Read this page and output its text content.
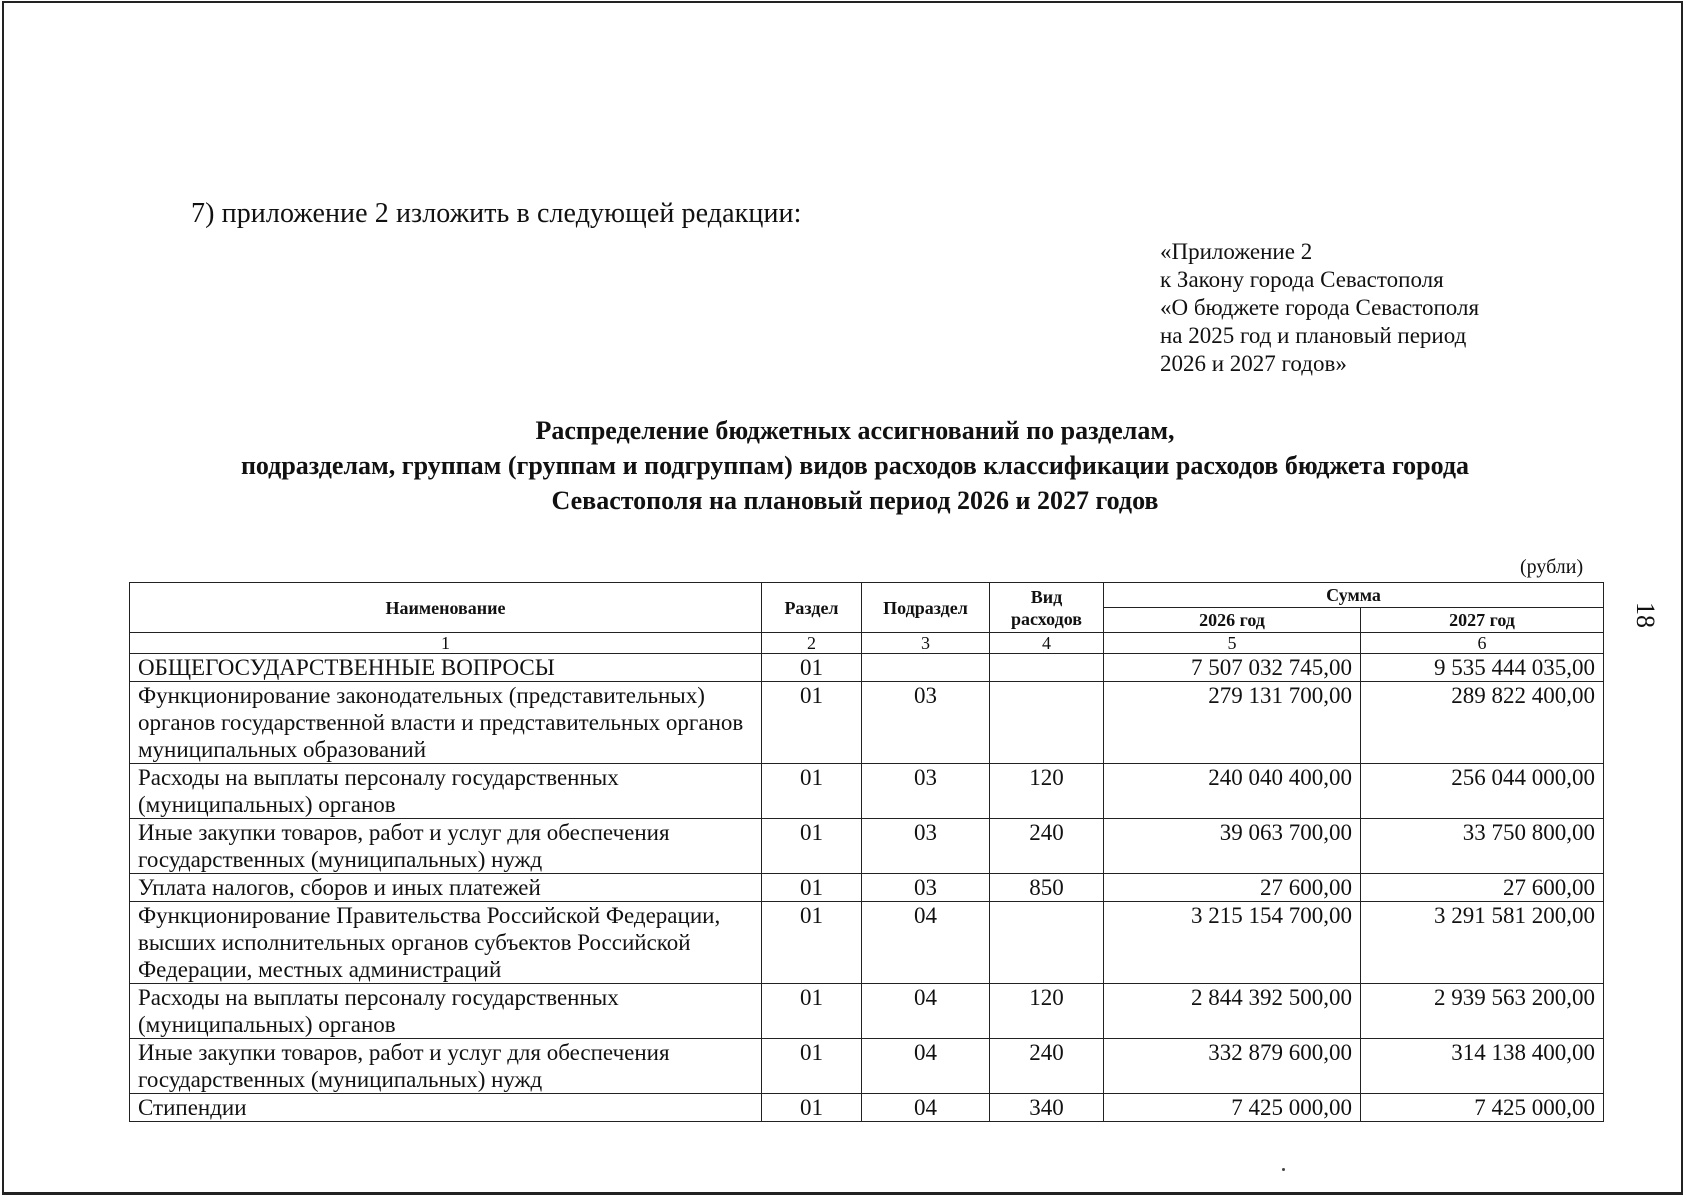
7) приложение 2 изложить в следующей редакции:
«Приложение 2
к Закону города Севастополя
«О бюджете города Севастополя
на 2025 год и плановый период
2026 и 2027 годов»
Распределение бюджетных ассигнований по разделам,
подразделам, группам (группам и подгруппам) видов расходов классификации расходов бюджета города
Севастополя на плановый период 2026 и 2027 годов
(рубли)
18
Наименование	Раздел	Подраздел	Вид расходов	Сумма	
				2026 год	2027 год
1	2	3	4	5	6
ОБЩЕГОСУДАРСТВЕННЫЕ ВОПРОСЫ	01			7 507 032 745,00	9 535 444 035,00
Функционирование законодательных (представительных) органов государственной власти и представительных органов муниципальных образований	01	03		279 131 700,00	289 822 400,00
Расходы на выплаты персоналу государственных (муниципальных) органов	01	03	120	240 040 400,00	256 044 000,00
Иные закупки товаров, работ и услуг для обеспечения государственных (муниципальных) нужд	01	03	240	39 063 700,00	33 750 800,00
Уплата налогов, сборов и иных платежей	01	03	850	27 600,00	27 600,00
Функционирование Правительства Российской Федерации, высших исполнительных органов субъектов Российской Федерации, местных администраций	01	04		3 215 154 700,00	3 291 581 200,00
Расходы на выплаты персоналу государственных (муниципальных) органов	01	04	120	2 844 392 500,00	2 939 563 200,00
Иные закупки товаров, работ и услуг для обеспечения государственных (муниципальных) нужд	01	04	240	332 879 600,00	314 138 400,00
Стипендии	01	04	340	7 425 000,00	7 425 000,00
